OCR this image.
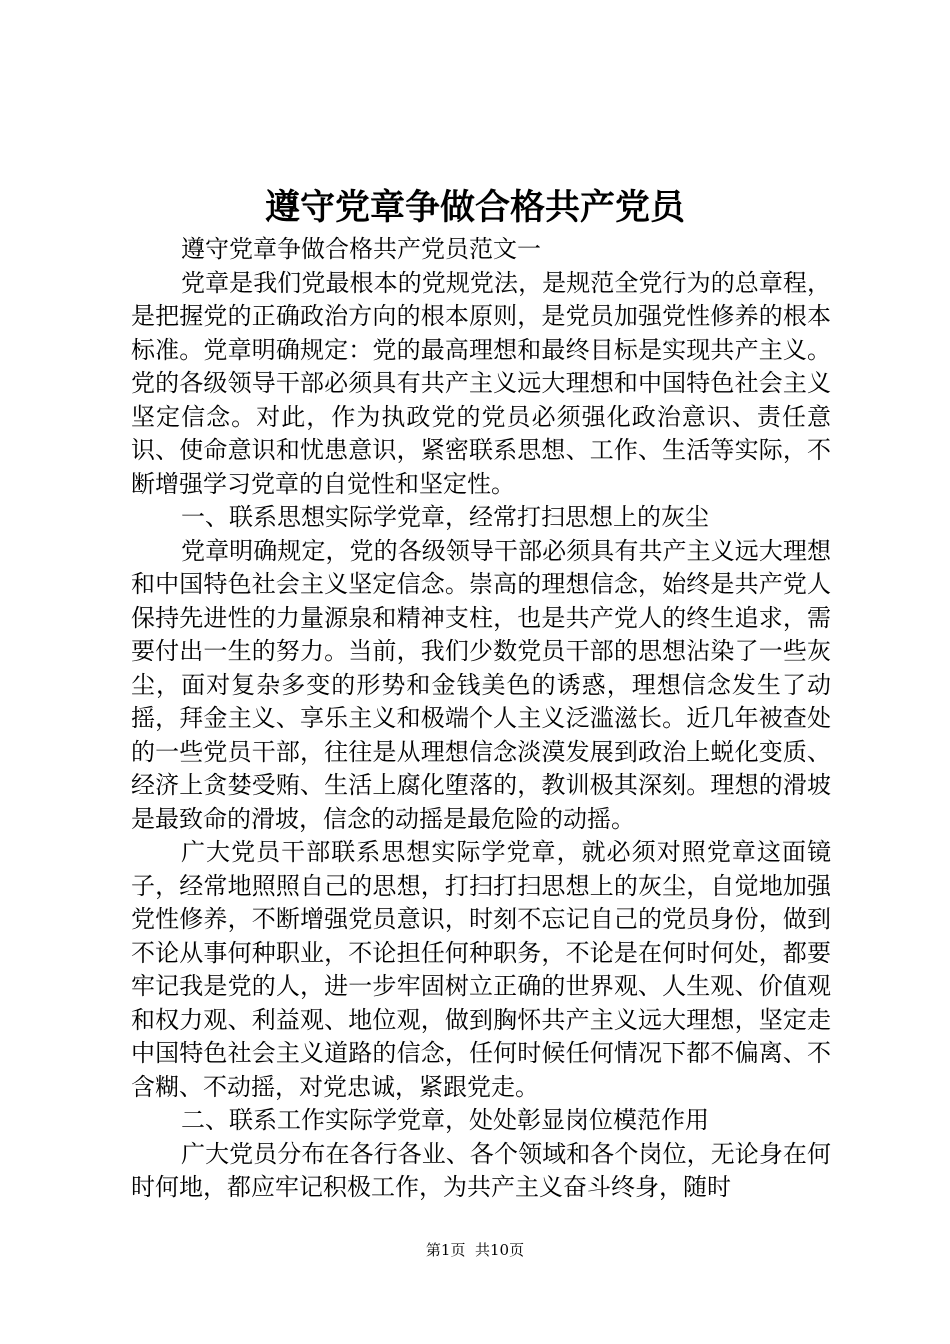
遵守党章争做合格共产党员

遵守党章争做合格共产党员范文一

党章是我们党最根本的党规党法，是规范全党行为的总章程，是把握党的正确政治方向的根本原则，是党员加强党性修养的根本标准。党章明确规定：党的最高理想和最终目标是实现共产主义。党的各级领导干部必须具有共产主义远大理想和中国特色社会主义坚定信念。对此，作为执政党的党员必须强化政治意识、责任意识、使命意识和忧患意识，紧密联系思想、工作、生活等实际，不断增强学习党章的自觉性和坚定性。

一、联系思想实际学党章，经常打扫思想上的灰尘

党章明确规定，党的各级领导干部必须具有共产主义远大理想和中国特色社会主义坚定信念。崇高的理想信念，始终是共产党人保持先进性的力量源泉和精神支柱，也是共产党人的终生追求，需要付出一生的努力。当前，我们少数党员干部的思想沾染了一些灰尘，面对复杂多变的形势和金钱美色的诱惑，理想信念发生了动摇，拜金主义、享乐主义和极端个人主义泛滥滋长。近几年被查处的一些党员干部，往往是从理想信念淡漠发展到政治上蜕化变质、经济上贪婪受贿、生活上腐化堕落的，教训极其深刻。理想的滑坡是最致命的滑坡，信念的动摇是最危险的动摇。

广大党员干部联系思想实际学党章，就必须对照党章这面镜子，经常地照照自己的思想，打扫打扫思想上的灰尘，自觉地加强党性修养，不断增强党员意识，时刻不忘记自己的党员身份，做到不论从事何种职业，不论担任何种职务，不论是在何时何处，都要牢记我是党的人，进一步牢固树立正确的世界观、人生观、价值观和权力观、利益观、地位观，做到胸怀共产主义远大理想，坚定走中国特色社会主义道路的信念，任何时候任何情况下都不偏离、不含糊、不动摇，对党忠诚，紧跟党走。

二、联系工作实际学党章，处处彰显岗位模范作用

广大党员分布在各行各业、各个领域和各个岗位，无论身在何时何地，都应牢记积极工作，为共产主义奋斗终身，随时

第1页  共10页
